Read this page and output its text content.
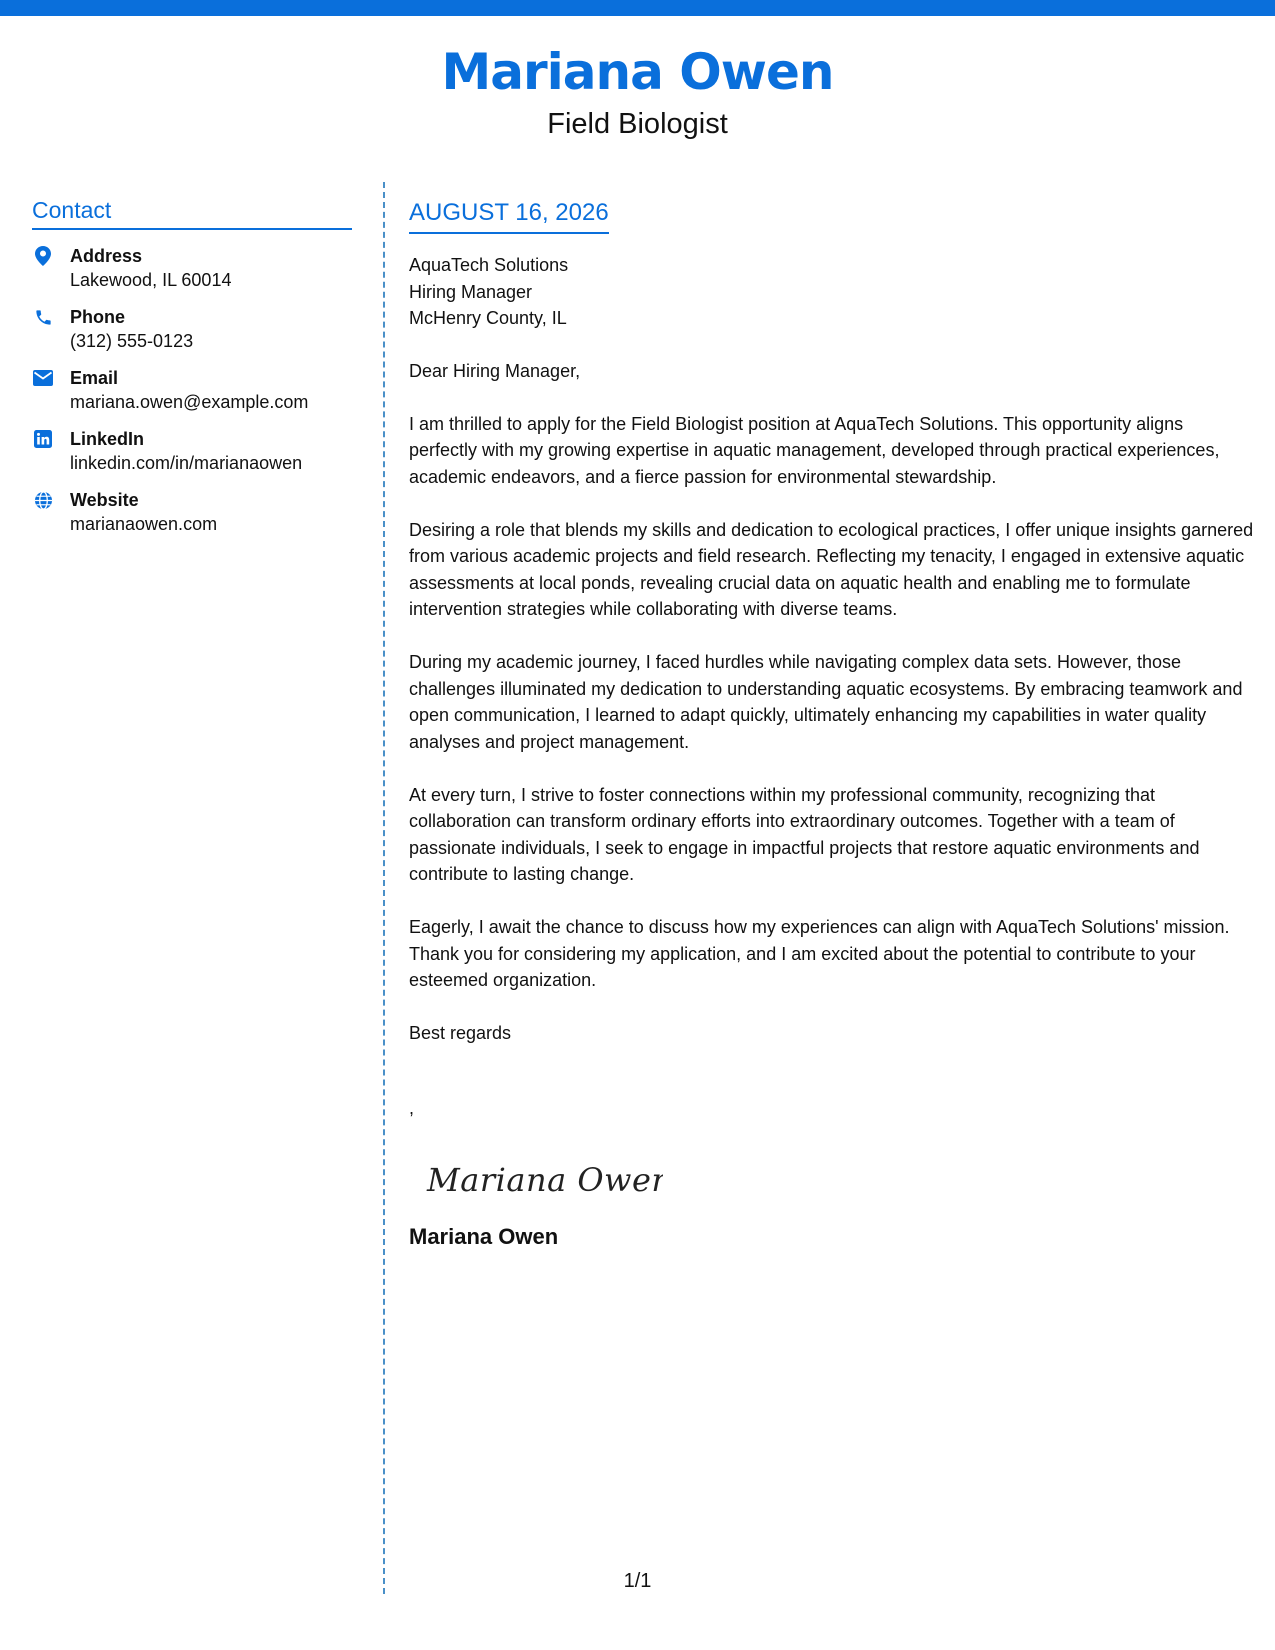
Mariana Owen
Field Biologist
Contact
Address
Lakewood, IL 60014
Phone
(312) 555-0123
Email
mariana.owen@example.com
LinkedIn
linkedin.com/in/marianaowen
Website
marianaowen.com
AUGUST 16, 2026
AquaTech Solutions
Hiring Manager
McHenry County, IL

Dear Hiring Manager,

I am thrilled to apply for the Field Biologist position at AquaTech Solutions. This opportunity aligns perfectly with my growing expertise in aquatic management, developed through practical experiences, academic endeavors, and a fierce passion for environmental stewardship.

Desiring a role that blends my skills and dedication to ecological practices, I offer unique insights garnered from various academic projects and field research. Reflecting my tenacity, I engaged in extensive aquatic assessments at local ponds, revealing crucial data on aquatic health and enabling me to formulate intervention strategies while collaborating with diverse teams.

During my academic journey, I faced hurdles while navigating complex data sets. However, those challenges illuminated my dedication to understanding aquatic ecosystems. By embracing teamwork and open communication, I learned to adapt quickly, ultimately enhancing my capabilities in water quality analyses and project management.

At every turn, I strive to foster connections within my professional community, recognizing that collaboration can transform ordinary efforts into extraordinary outcomes. Together with a team of passionate individuals, I seek to engage in impactful projects that restore aquatic environments and contribute to lasting change.

Eagerly, I await the chance to discuss how my experiences can align with AquaTech Solutions' mission. Thank you for considering my application, and I am excited about the potential to contribute to your esteemed organization.

Best regards

,
Mariana Owen
Mariana Owen
1/1
